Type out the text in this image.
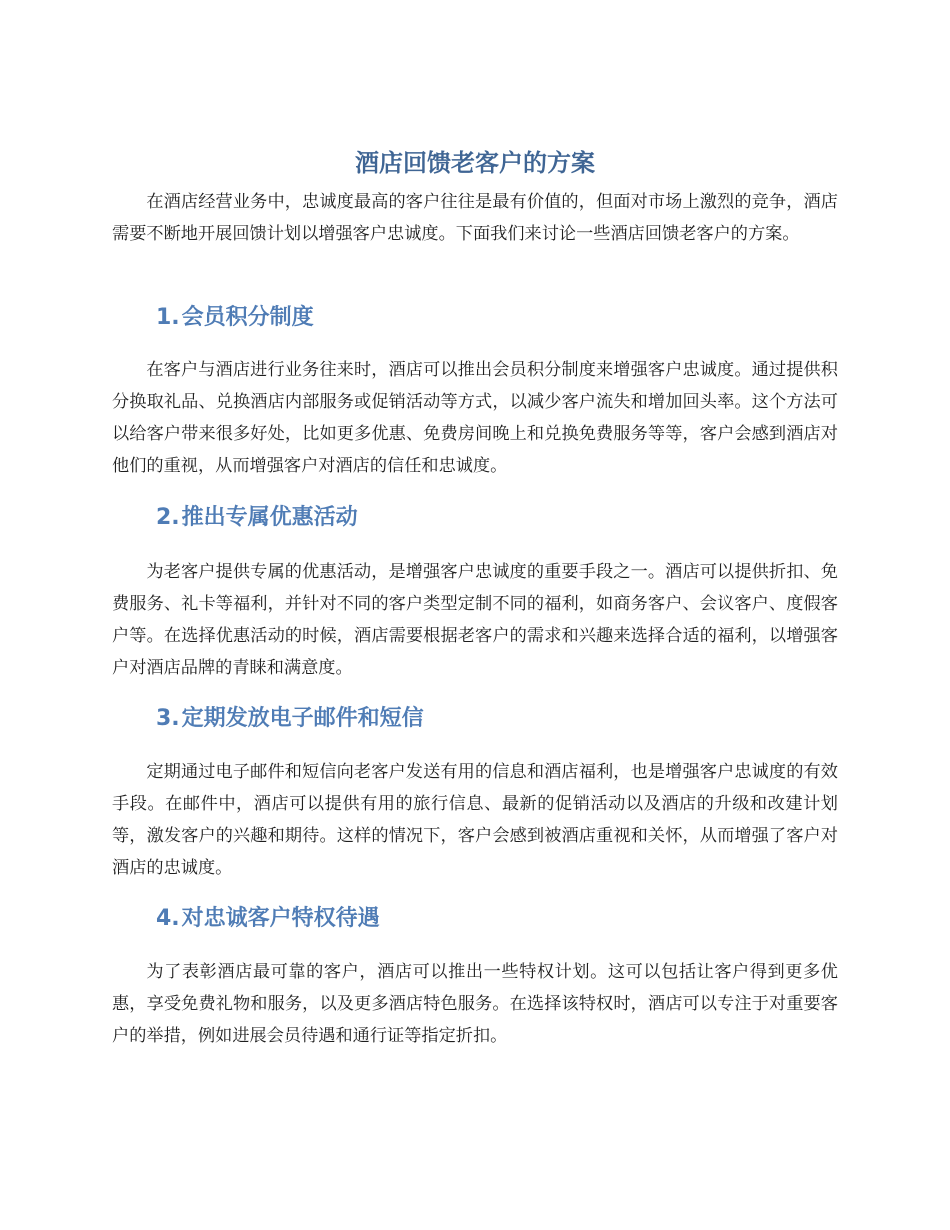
酒店回馈老客户的方案

在酒店经营业务中，忠诚度最高的客户往往是最有价值的，但面对市场上激烈的竞争，酒店需要不断地开展回馈计划以增强客户忠诚度。下面我们来讨论一些酒店回馈老客户的方案。

1.会员积分制度

在客户与酒店进行业务往来时，酒店可以推出会员积分制度来增强客户忠诚度。通过提供积分换取礼品、兑换酒店内部服务或促销活动等方式，以减少客户流失和增加回头率。这个方法可以给客户带来很多好处，比如更多优惠、免费房间晚上和兑换免费服务等等，客户会感到酒店对他们的重视，从而增强客户对酒店的信任和忠诚度。

2.推出专属优惠活动

为老客户提供专属的优惠活动，是增强客户忠诚度的重要手段之一。酒店可以提供折扣、免费服务、礼卡等福利，并针对不同的客户类型定制不同的福利，如商务客户、会议客户、度假客户等。在选择优惠活动的时候，酒店需要根据老客户的需求和兴趣来选择合适的福利，以增强客户对酒店品牌的青睐和满意度。

3.定期发放电子邮件和短信

定期通过电子邮件和短信向老客户发送有用的信息和酒店福利，也是增强客户忠诚度的有效手段。在邮件中，酒店可以提供有用的旅行信息、最新的促销活动以及酒店的升级和改建计划等，激发客户的兴趣和期待。这样的情况下，客户会感到被酒店重视和关怀，从而增强了客户对酒店的忠诚度。

4.对忠诚客户特权待遇

为了表彰酒店最可靠的客户，酒店可以推出一些特权计划。这可以包括让客户得到更多优惠，享受免费礼物和服务，以及更多酒店特色服务。在选择该特权时，酒店可以专注于对重要客户的举措，例如进展会员待遇和通行证等指定折扣。
